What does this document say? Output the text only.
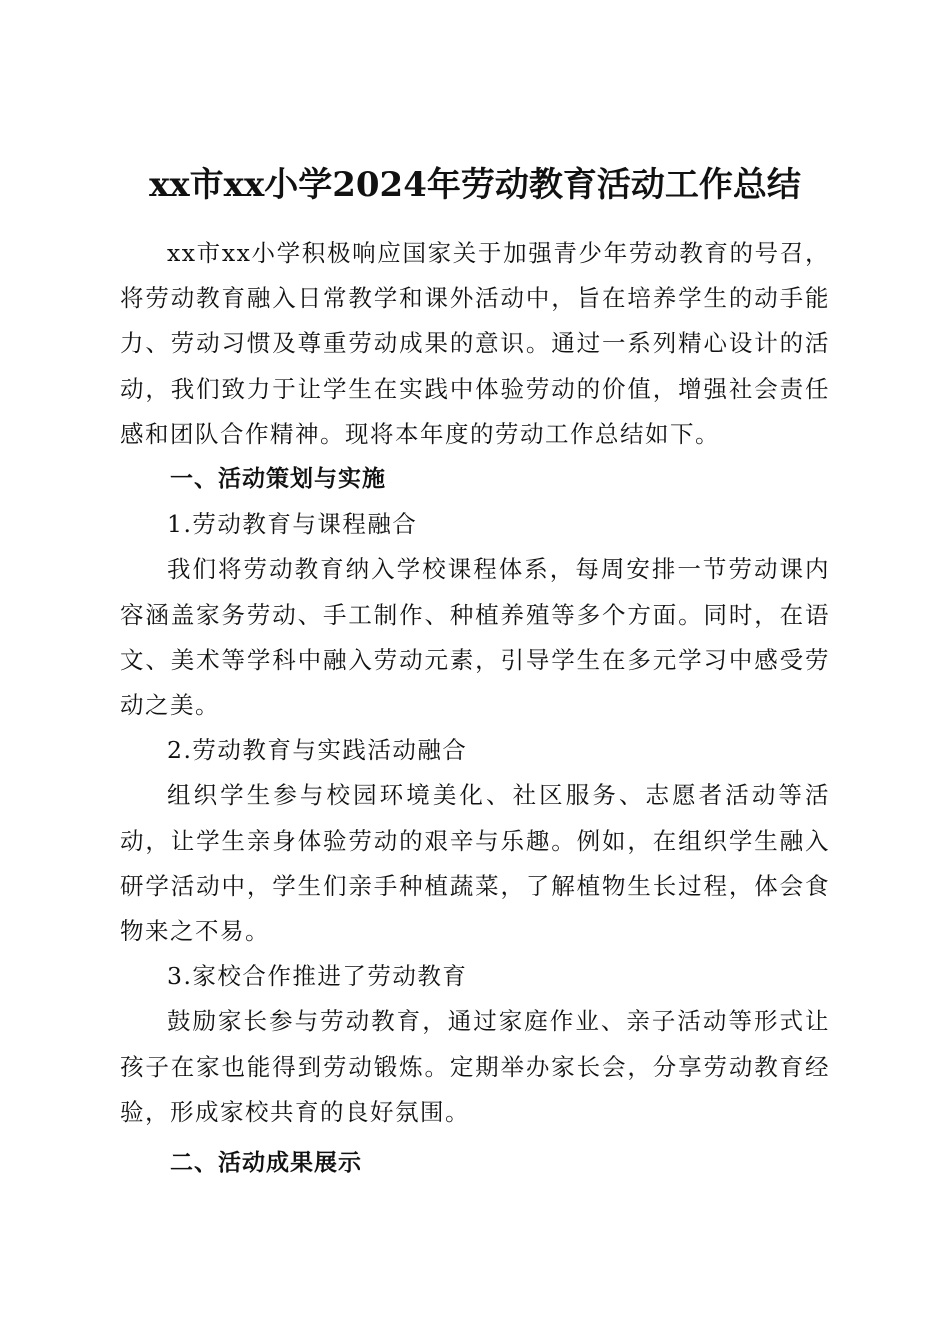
xx市xx小学2024年劳动教育活动工作总结

xx市xx小学积极响应国家关于加强青少年劳动教育的号召，将劳动教育融入日常教学和课外活动中，旨在培养学生的动手能力、劳动习惯及尊重劳动成果的意识。通过一系列精心设计的活动，我们致力于让学生在实践中体验劳动的价值，增强社会责任感和团队合作精神。现将本年度的劳动工作总结如下。

一、活动策划与实施

1.劳动教育与课程融合

我们将劳动教育纳入学校课程体系，每周安排一节劳动课内容涵盖家务劳动、手工制作、种植养殖等多个方面。同时，在语文、美术等学科中融入劳动元素，引导学生在多元学习中感受劳动之美。

2.劳动教育与实践活动融合

组织学生参与校园环境美化、社区服务、志愿者活动等活动，让学生亲身体验劳动的艰辛与乐趣。例如，在组织学生融入研学活动中，学生们亲手种植蔬菜，了解植物生长过程，体会食物来之不易。

3.家校合作推进了劳动教育

鼓励家长参与劳动教育，通过家庭作业、亲子活动等形式让孩子在家也能得到劳动锻炼。定期举办家长会，分享劳动教育经验，形成家校共育的良好氛围。

二、活动成果展示
